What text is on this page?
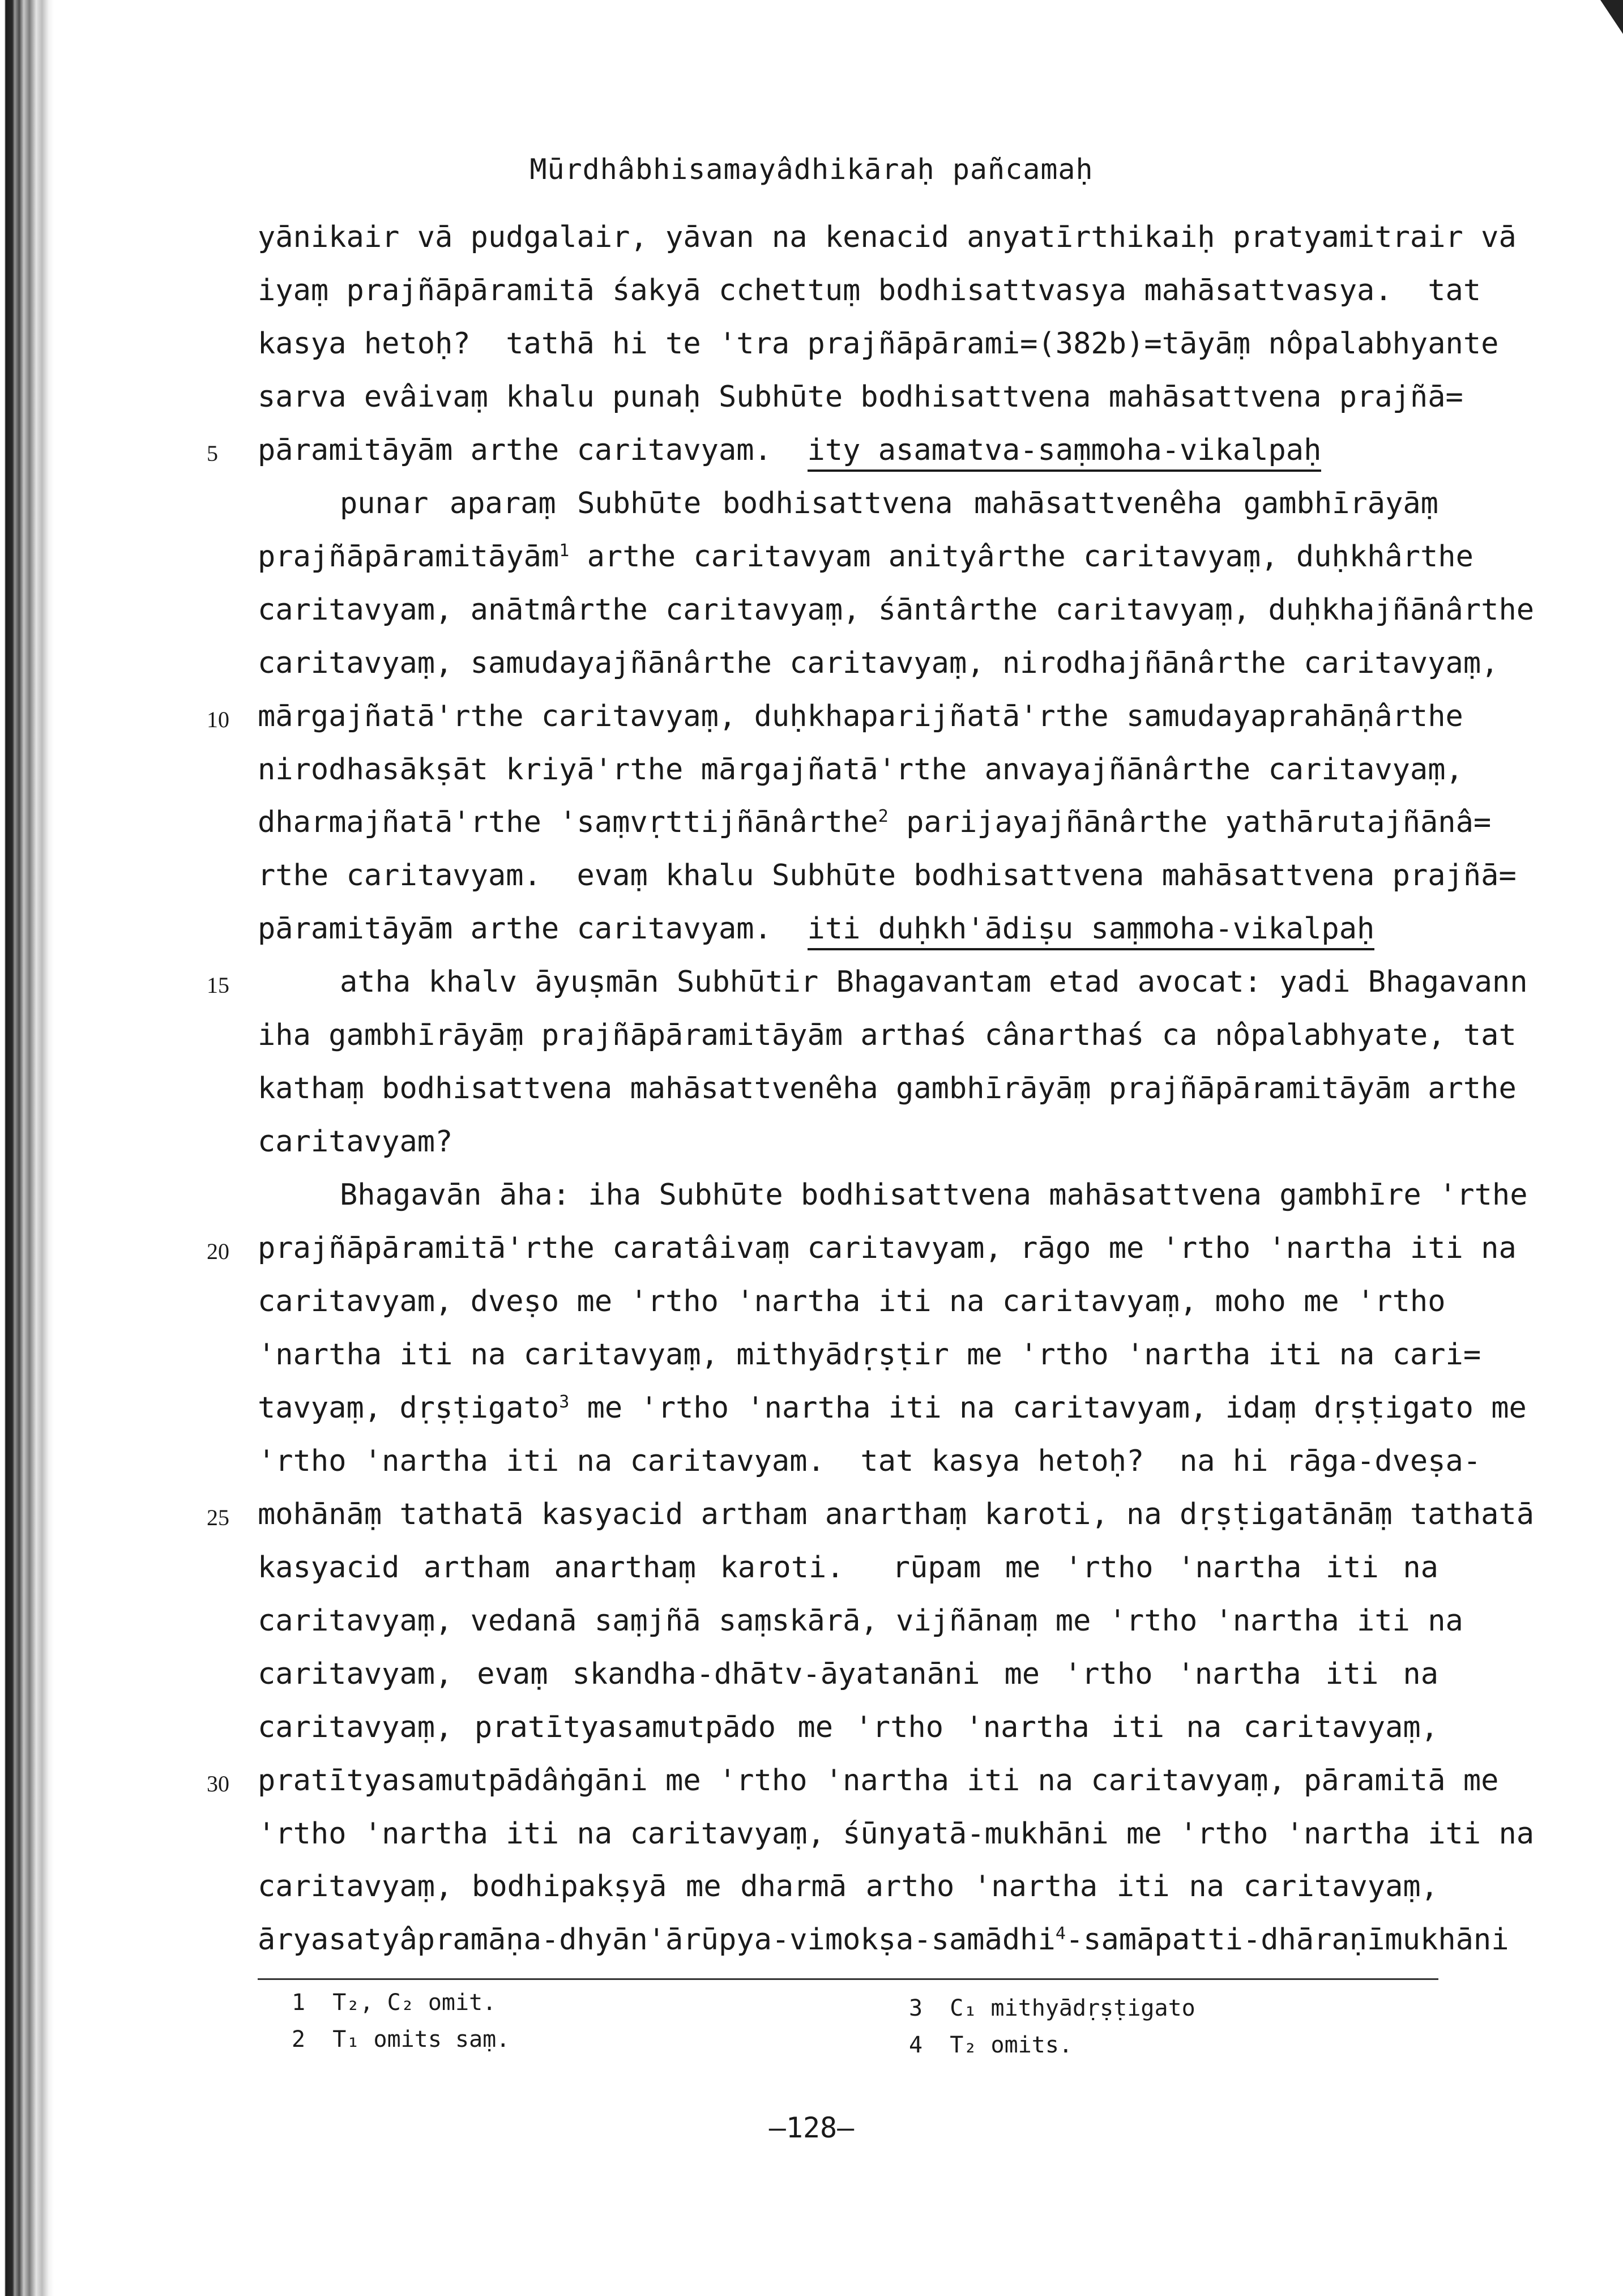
Mūrdhâbhisamayâdhikāraḥ pañcamaḥ
yānikair vā pudgalair, yāvan na kenacid anyatīrthikaiḥ pratyamitrair vā
iyaṃ prajñāpāramitā śakyā cchettuṃ bodhisattvasya mahāsattvasya.  tat
kasya hetoḥ?  tathā hi te 'tra prajñāpārami=(382b)=tāyāṃ nôpalabhyante
sarva evâivaṃ khalu punaḥ Subhūte bodhisattvena mahāsattvena prajñā=
pāramitāyām arthe caritavyam. ity asamatva-saṃmoha-vikalpaḥ
5
punar aparaṃ Subhūte bodhisattvena mahāsattvenêha gambhīrāyāṃ
prajñāpāramitāyām$^1$ arthe caritavyam anityârthe caritavyaṃ, duḥkhârthe
caritavyam, anātmârthe caritavyaṃ, śāntârthe caritavyaṃ, duḥkhajñānârthe
caritavyaṃ, samudayajñānârthe caritavyaṃ, nirodhajñānârthe caritavyaṃ,
mārgajñatā'rthe caritavyaṃ, duḥkhaparijñatā'rthe samudayaprahāṇârthe
10
nirodhasākṣāt kriyā'rthe mārgajñatā'rthe anvayajñānârthe caritavyaṃ,
dharmajñatā'rthe 'saṃvṛttijñānârthe$^2$ parijayajñānârthe yathārutajñānâ=
rthe caritavyam.  evaṃ khalu Subhūte bodhisattvena mahāsattvena prajñā=
pāramitāyām arthe caritavyam. iti duḥkh'ādiṣu saṃmoha-vikalpaḥ
atha khalv āyuṣmān Subhūtir Bhagavantam etad avocat: yadi Bhagavann
15
iha gambhīrāyāṃ prajñāpāramitāyām arthaś cânarthaś ca nôpalabhyate, tat
kathaṃ bodhisattvena mahāsattvenêha gambhīrāyāṃ prajñāpāramitāyām arthe
caritavyam?
Bhagavān āha: iha Subhūte bodhisattvena mahāsattvena gambhīre 'rthe
prajñāpāramitā'rthe caratâivaṃ caritavyam, rāgo me 'rtho 'nartha iti na
20
caritavyam, dveṣo me 'rtho 'nartha iti na caritavyaṃ, moho me 'rtho
'nartha iti na caritavyaṃ, mithyādṛṣṭir me 'rtho 'nartha iti na cari=
tavyaṃ, dṛṣṭigato$^3$ me 'rtho 'nartha iti na caritavyam, idaṃ dṛṣṭigato me
'rtho 'nartha iti na caritavyam.  tat kasya hetoḥ?  na hi rāga-dveṣa-
mohānāṃ tathatā kasyacid artham anarthaṃ karoti, na dṛṣṭigatānāṃ tathatā
25
kasyacid artham anarthaṃ karoti.  rūpam me 'rtho 'nartha iti na
caritavyaṃ, vedanā saṃjñā saṃskārā, vijñānaṃ me 'rtho 'nartha iti na
caritavyam, evaṃ skandha-dhātv-āyatanāni me 'rtho 'nartha iti na
caritavyaṃ, pratītyasamutpādo me 'rtho 'nartha iti na caritavyaṃ,
pratītyasamutpādâṅgāni me 'rtho 'nartha iti na caritavyaṃ, pāramitā me
30
'rtho 'nartha iti na caritavyaṃ, śūnyatā-mukhāni me 'rtho 'nartha iti na
caritavyaṃ, bodhipakṣyā me dharmā artho 'nartha iti na caritavyaṃ,
āryasatyâpramāṇa-dhyān'ārūpya-vimokṣa-samādhi$^4$-samāpatti-dhāraṇīmukhāni
1 T₂, C₂ omit.
2 T₁ omits saṃ.
3 C₁ mithyādṛṣṭigato
4 T₂ omits.
—128—
